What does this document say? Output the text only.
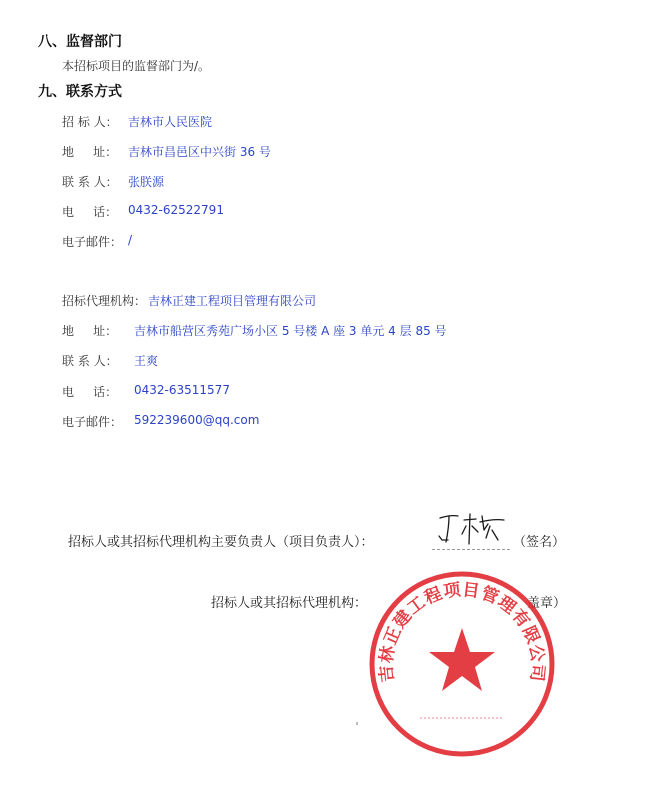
八、监督部门
本招标项目的监督部门为/。
九、联系方式
招 标 人： 吉林市人民医院
地     址： 吉林市昌邑区中兴街 36 号
联 系 人： 张朕源
电     话： 0432-62522791
电子邮件： /
招标代理机构： 吉林正建工程项目管理有限公司
地     址： 吉林市船营区秀苑广场小区 5 号楼 A 座 3 单元 4 层 85 号
联 系 人： 王爽
电     话： 0432-63511577
电子邮件： 592239600@qq.com
招标人或其招标代理机构主要负责人（项目负责人）：	（签名）
招标人或其招标代理机构：	盖章）
吉林正建工程项目管理有限公司
